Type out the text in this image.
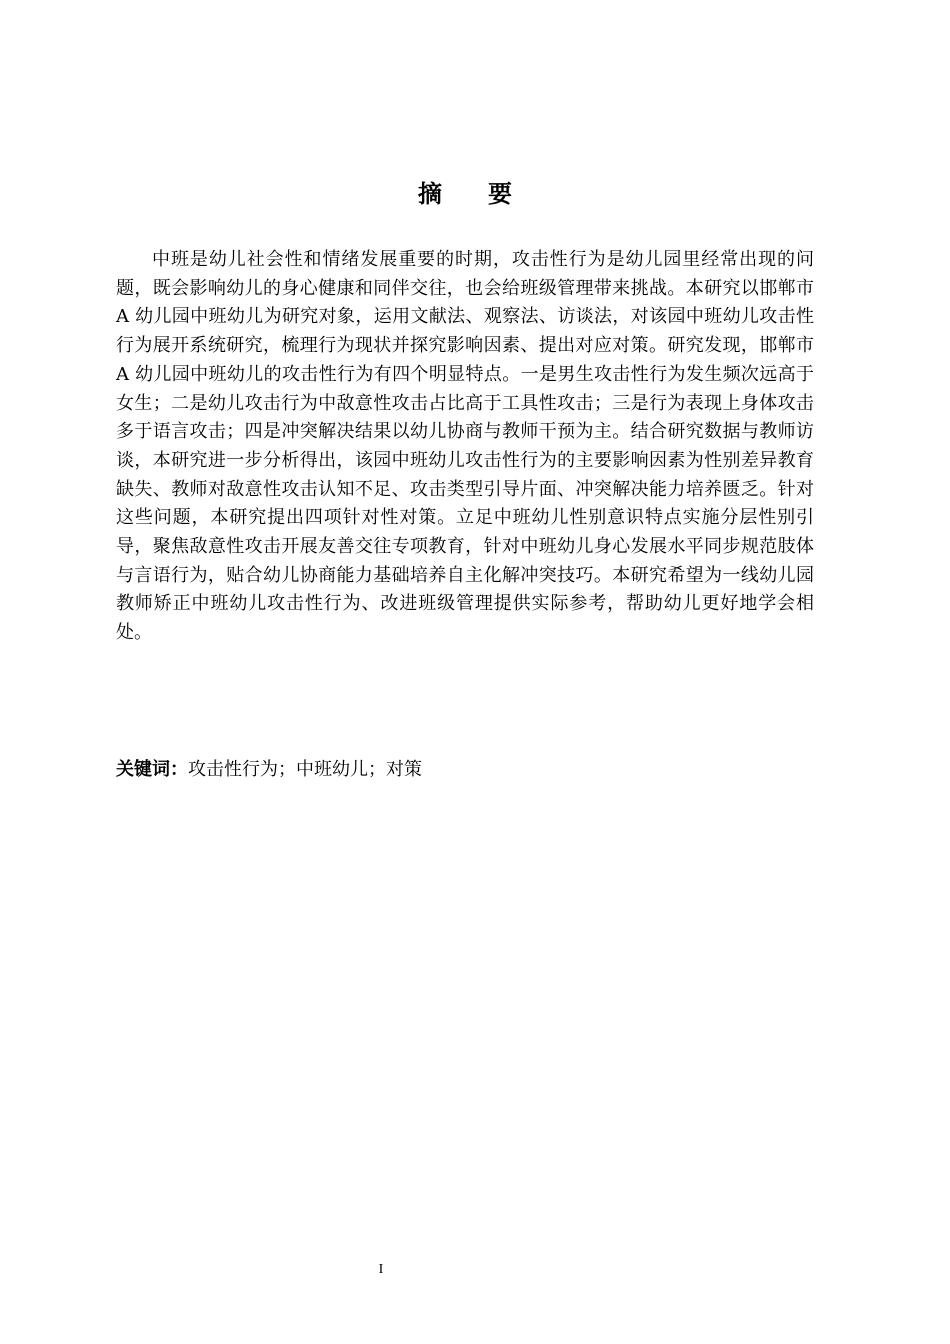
摘 要

中班是幼儿社会性和情绪发展重要的时期，攻击性行为是幼儿园里经常出现的问题，既会影响幼儿的身心健康和同伴交往，也会给班级管理带来挑战。本研究以邯郸市 A 幼儿园中班幼儿为研究对象，运用文献法、观察法、访谈法，对该园中班幼儿攻击性行为展开系统研究，梳理行为现状并探究影响因素、提出对应对策。研究发现，邯郸市 A 幼儿园中班幼儿的攻击性行为有四个明显特点。一是男生攻击性行为发生频次远高于女生；二是幼儿攻击行为中敌意性攻击占比高于工具性攻击；三是行为表现上身体攻击多于语言攻击；四是冲突解决结果以幼儿协商与教师干预为主。结合研究数据与教师访谈，本研究进一步分析得出，该园中班幼儿攻击性行为的主要影响因素为性别差异教育缺失、教师对敌意性攻击认知不足、攻击类型引导片面、冲突解决能力培养匮乏。针对这些问题，本研究提出四项针对性对策。立足中班幼儿性别意识特点实施分层性别引导，聚焦敌意性攻击开展友善交往专项教育，针对中班幼儿身心发展水平同步规范肢体与言语行为，贴合幼儿协商能力基础培养自主化解冲突技巧。本研究希望为一线幼儿园教师矫正中班幼儿攻击性行为、改进班级管理提供实际参考，帮助幼儿更好地学会相处。

关键词：攻击性行为；中班幼儿；对策

I
